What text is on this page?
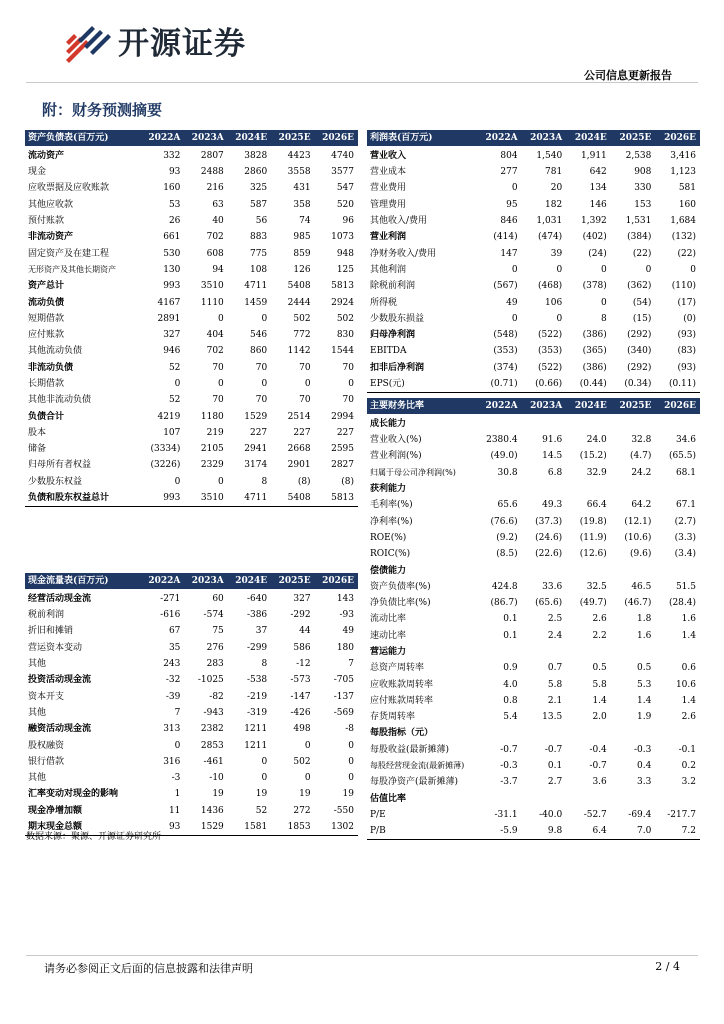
开源证券
公司信息更新报告
附：财务预测摘要
资产负债表(百万元)	2022A	2023A	2024E	2025E	2026E
流动资产	332	2807	3828	4423	4740
现金	93	2488	2860	3558	3577
应收票据及应收账款	160	216	325	431	547
其他应收款	53	63	587	358	520
预付账款	26	40	56	74	96
非流动资产	661	702	883	985	1073
固定资产及在建工程	530	608	775	859	948
无形资产及其他长期资产	130	94	108	126	125
资产总计	993	3510	4711	5408	5813
流动负债	4167	1110	1459	2444	2924
短期借款	2891	0	0	502	502
应付账款	327	404	546	772	830
其他流动负债	946	702	860	1142	1544
非流动负债	52	70	70	70	70
长期借款	0	0	0	0	0
其他非流动负债	52	70	70	70	70
负债合计	4219	1180	1529	2514	2994
股本	107	219	227	227	227
储备	(3334)	2105	2941	2668	2595
归母所有者权益	(3226)	2329	3174	2901	2827
少数股东权益	0	0	8	(8)	(8)
负债和股东权益总计	993	3510	4711	5408	5813
利润表(百万元)	2022A	2023A	2024E	2025E	2026E
营业收入	804	1,540	1,911	2,538	3,416
营业成本	277	781	642	908	1,123
营业费用	0	20	134	330	581
管理费用	95	182	146	153	160
其他收入/费用	846	1,031	1,392	1,531	1,684
营业利润	(414)	(474)	(402)	(384)	(132)
净财务收入/费用	147	39	(24)	(22)	(22)
其他利润	0	0	0	0	0
除税前利润	(567)	(468)	(378)	(362)	(110)
所得税	49	106	0	(54)	(17)
少数股东损益	0	0	8	(15)	(0)
归母净利润	(548)	(522)	(386)	(292)	(93)
EBITDA	(353)	(353)	(365)	(340)	(83)
扣非后净利润	(374)	(522)	(386)	(292)	(93)
EPS(元)	(0.71)	(0.66)	(0.44)	(0.34)	(0.11)
现金流量表(百万元)	2022A	2023A	2024E	2025E	2026E
经营活动现金流	-271	60	-640	327	143
税前利润	-616	-574	-386	-292	-93
折旧和摊销	67	75	37	44	49
营运资本变动	35	276	-299	586	180
其他	243	283	8	-12	7
投资活动现金流	-32	-1025	-538	-573	-705
资本开支	-39	-82	-219	-147	-137
其他	7	-943	-319	-426	-569
融资活动现金流	313	2382	1211	498	-8
股权融资	0	2853	1211	0	0
银行借款	316	-461	0	502	0
其他	-3	-10	0	0	0
汇率变动对现金的影响	1	19	19	19	19
现金净增加额	11	1436	52	272	-550
期末现金总额	93	1529	1581	1853	1302
主要财务比率	2022A	2023A	2024E	2025E	2026E
成长能力					
营业收入(%)	2380.4	91.6	24.0	32.8	34.6
营业利润(%)	(49.0)	14.5	(15.2)	(4.7)	(65.5)
归属于母公司净利润(%)	30.8	6.8	32.9	24.2	68.1
获利能力					
毛利率(%)	65.6	49.3	66.4	64.2	67.1
净利率(%)	(76.6)	(37.3)	(19.8)	(12.1)	(2.7)
ROE(%)	(9.2)	(24.6)	(11.9)	(10.6)	(3.3)
ROIC(%)	(8.5)	(22.6)	(12.6)	(9.6)	(3.4)
偿债能力					
资产负债率(%)	424.8	33.6	32.5	46.5	51.5
净负债比率(%)	(86.7)	(65.6)	(49.7)	(46.7)	(28.4)
流动比率	0.1	2.5	2.6	1.8	1.6
速动比率	0.1	2.4	2.2	1.6	1.4
营运能力					
总资产周转率	0.9	0.7	0.5	0.5	0.6
应收账款周转率	4.0	5.8	5.8	5.3	10.6
应付账款周转率	0.8	2.1	1.4	1.4	1.4
存货周转率	5.4	13.5	2.0	1.9	2.6
每股指标（元）					
每股收益(最新摊薄)	-0.7	-0.7	-0.4	-0.3	-0.1
每股经营现金流(最新摊薄)	-0.3	0.1	-0.7	0.4	0.2
每股净资产(最新摊薄)	-3.7	2.7	3.6	3.3	3.2
估值比率					
P/E	-31.1	-40.0	-52.7	-69.4	-217.7
P/B	-5.9	9.8	6.4	7.0	7.2
数据来源：聚源、开源证券研究所
请务必参阅正文后面的信息披露和法律声明	2 / 4
